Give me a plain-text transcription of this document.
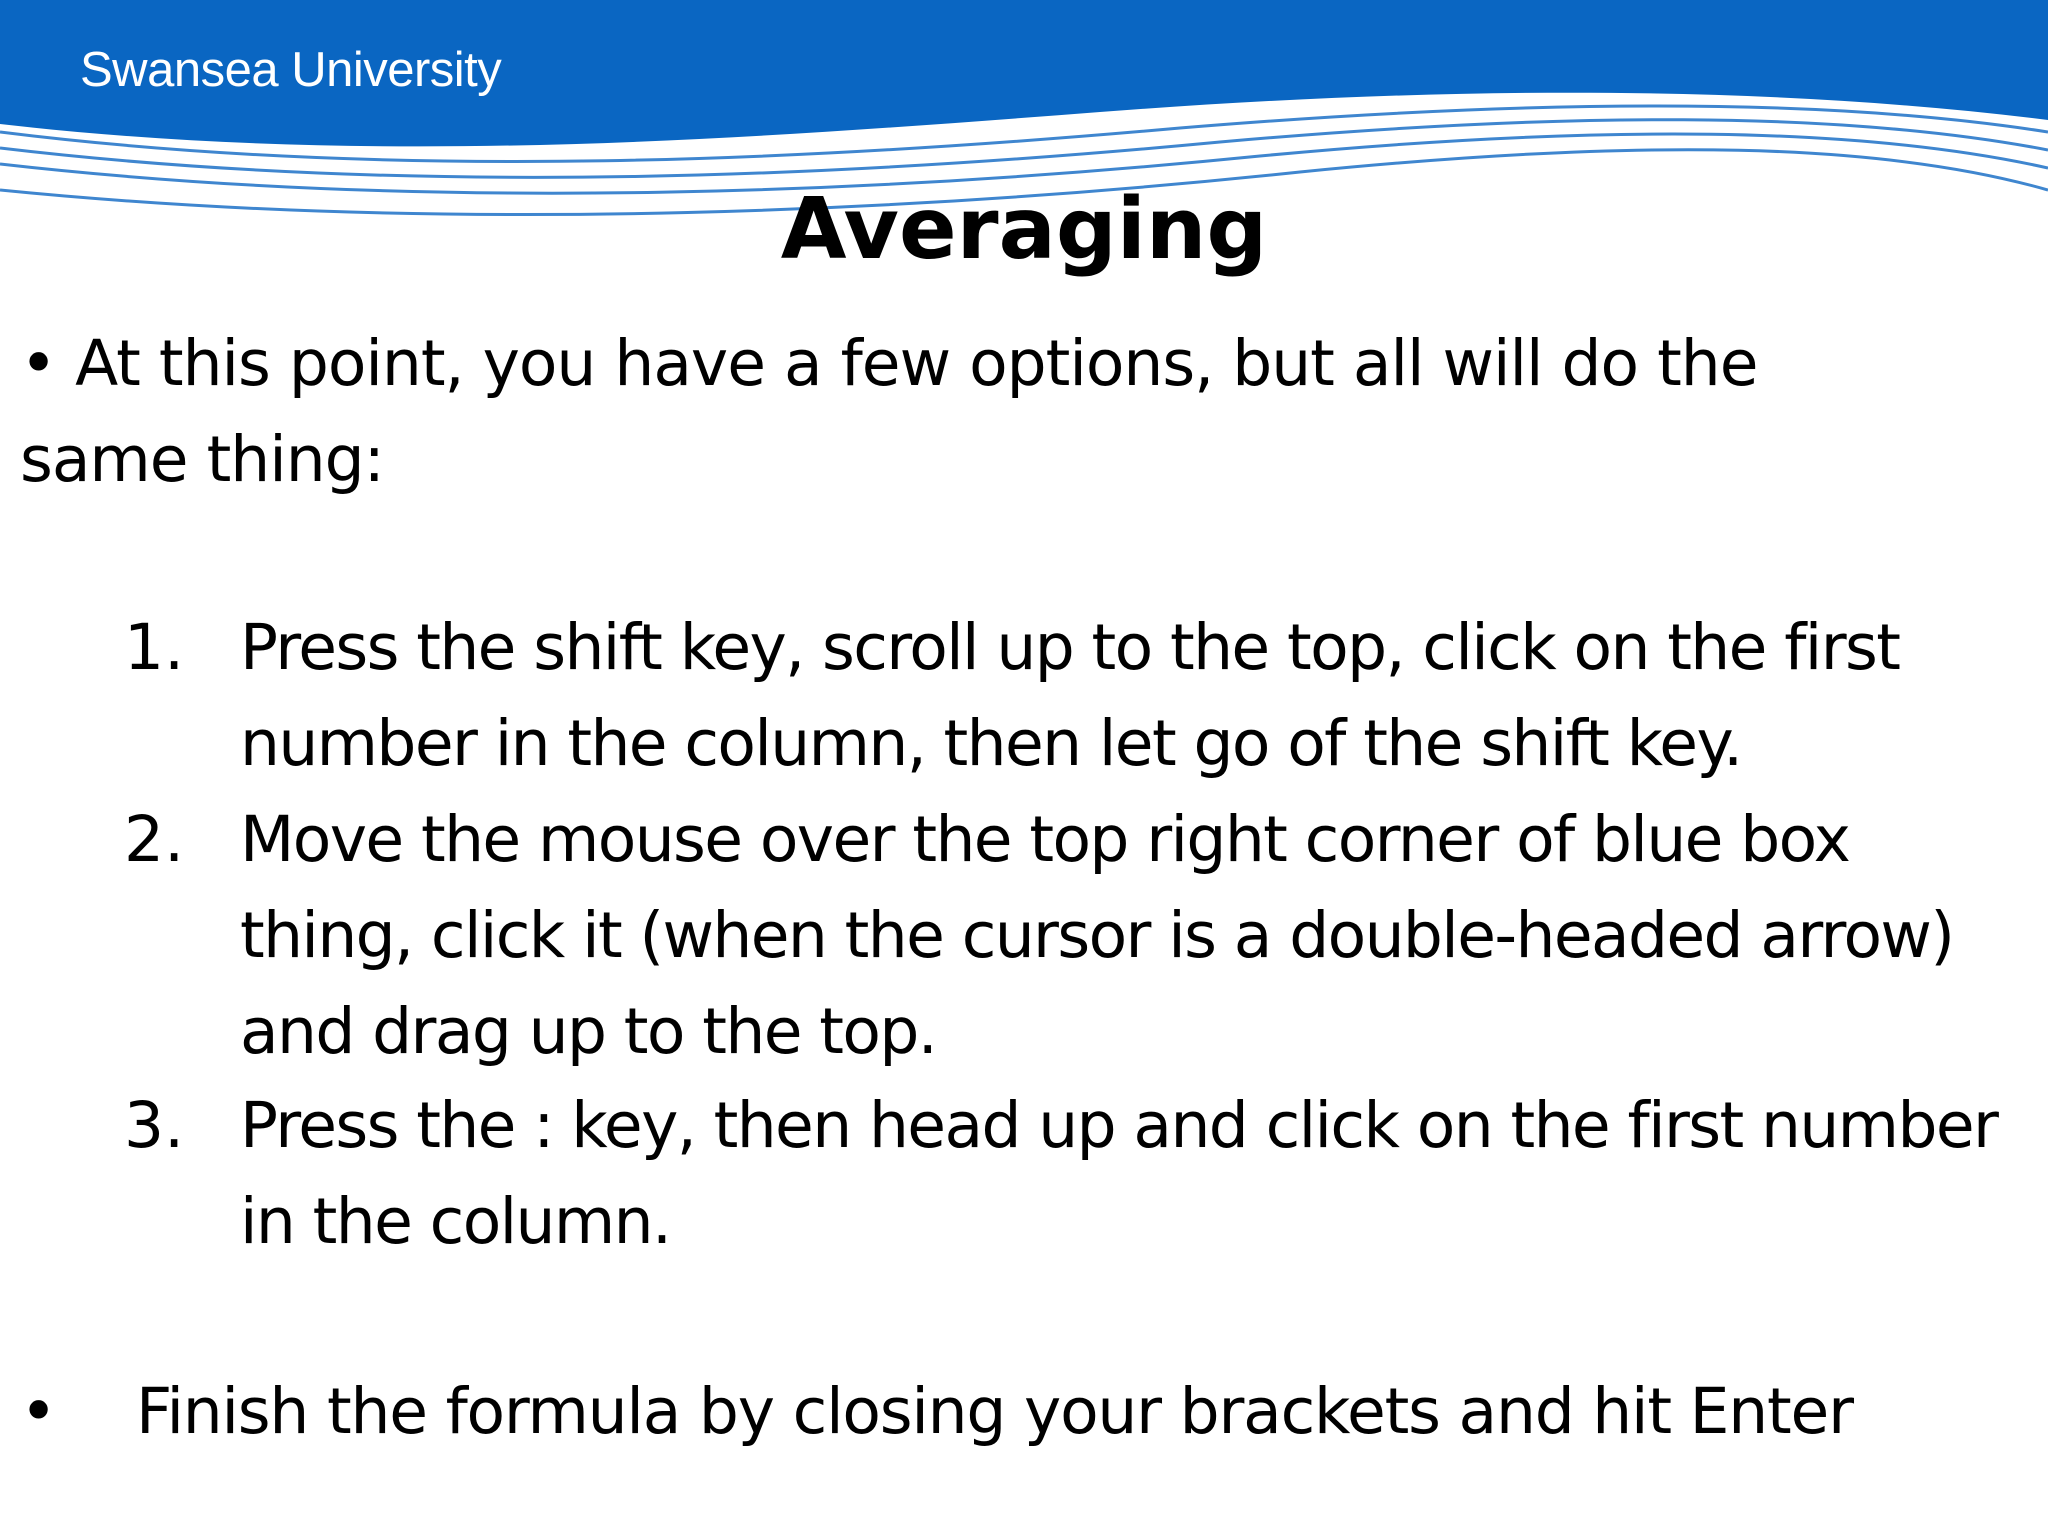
Swansea University
Averaging
• At this point, you have a few options, but all will do the same thing:
1. Press the shift key, scroll up to the top, click on the first number in the column, then let go of the shift key.
2. Move the mouse over the top right corner of blue box thing, click it (when the cursor is a double-headed arrow) and drag up to the top.
3. Press the : key, then head up and click on the first number in the column.
• Finish the formula by closing your brackets and hit Enter
